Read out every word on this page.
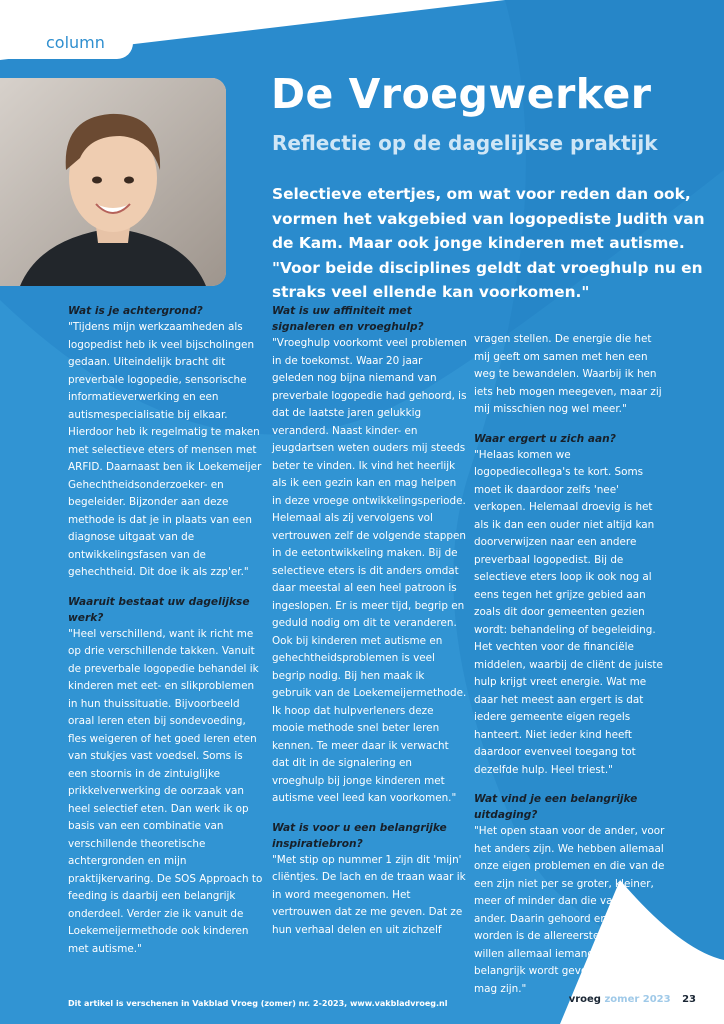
column
De Vroegwerker
Reflectie op de dagelijkse praktijk
Selectieve etertjes, om wat voor reden dan ook, vormen het vakgebied van logopediste Judith van de Kam. Maar ook jonge kinderen met autisme. "Voor beide disciplines geldt dat vroeghulp nu en straks veel ellende kan voorkomen."
Wat is je achtergrond?

"Tijdens mijn werkzaamheden als logopedist heb ik veel bijscholingen gedaan. Uiteindelijk bracht dit preverbale logopedie, sensorische informatieverwerking en een autismespecialisatie bij elkaar. Hierdoor heb ik regelmatig te maken met selectieve eters of mensen met ARFID. Daarnaast ben ik Loekemeijer Gehechtheidsonderzoeker- en begeleider. Bijzonder aan deze methode is dat je in plaats van een diagnose uitgaat van de ontwikkelingsfasen van de gehechtheid. Dit doe ik als zzp'er."

Waaruit bestaat uw dagelijkse werk?

"Heel verschillend, want ik richt me op drie verschillende takken. Vanuit de preverbale logopedie behandel ik kinderen met eet- en slikproblemen in hun thuissituatie. Bijvoorbeeld oraal leren eten bij sondevoeding, fles weigeren of het goed leren eten van stukjes vast voedsel. Soms is een stoornis in de zintuiglijke prikkelverwerking de oorzaak van heel selectief eten. Dan werk ik op basis van een combinatie van verschillende theoretische achtergronden en mijn praktijkervaring. De SOS Approach to feeding is daarbij een belangrijk onderdeel. Verder zie ik vanuit de Loekemeijermethode ook kinderen met autisme."

Wat is uw affiniteit met signaleren en vroeghulp?

"Vroeghulp voorkomt veel problemen in de toekomst. Waar 20 jaar geleden nog bijna niemand van preverbale logopedie had gehoord, is dat de laatste jaren gelukkig veranderd. Naast kinder- en jeugdartsen weten ouders mij steeds beter te vinden. Ik vind het heerlijk als ik een gezin kan en mag helpen in deze vroege ontwikkelingsperiode. Helemaal als zij vervolgens vol vertrouwen zelf de volgende stappen in de eetontwikkeling maken. Bij de selectieve eters is dit anders omdat daar meestal al een heel patroon is ingeslopen. Er is meer tijd, begrip en geduld nodig om dit te veranderen. Ook bij kinderen met autisme en gehechtheidsproblemen is veel begrip nodig. Bij hen maak ik gebruik van de Loekemeijermethode. Ik hoop dat hulpverleners deze mooie methode snel beter leren kennen. Te meer daar ik verwacht dat dit in de signalering en vroeghulp bij jonge kinderen met autisme veel leed kan voorkomen."

Wat is voor u een belangrijke inspiratiebron?

"Met stip op nummer 1 zijn dit 'mijn' cliëntjes. De lach en de traan waar ik in word meegenomen. Het vertrouwen dat ze me geven. Dat ze hun verhaal delen en uit zichzelf

vragen stellen. De energie die het mij geeft om samen met hen een weg te bewandelen. Waarbij ik hen iets heb mogen meegeven, maar zij mij misschien nog wel meer."

Waar ergert u zich aan?

"Helaas komen we logopediecollega's te kort. Soms moet ik daardoor zelfs 'nee' verkopen. Helemaal droevig is het als ik dan een ouder niet altijd kan doorverwijzen naar een andere preverbaal logopedist. Bij de selectieve eters loop ik ook nog al eens tegen het grijze gebied aan zoals dit door gemeenten gezien wordt: behandeling of begeleiding. Het vechten voor de financiële middelen, waarbij de cliënt de juiste hulp krijgt vreet energie. Wat me daar het meest aan ergert is dat iedere gemeente eigen regels hanteert. Niet ieder kind heeft daardoor evenveel toegang tot dezelfde hulp. Heel triest."

Wat vind je een belangrijke uitdaging?

"Het open staan voor de ander, voor het anders zijn. We hebben allemaal onze eigen problemen en die van de een zijn niet per se groter, kleiner, meer of minder dan die van de ander. Daarin gehoord en gezien worden is de allereerste stap. We willen allemaal iemand zijn die belangrijk wordt gevonden, die er mag zijn."

Dit artikel is verschenen in Vakblad Vroeg (zomer) nr. 2-2023, www.vakbladvroeg.nl	vroeg zomer 2023 23
